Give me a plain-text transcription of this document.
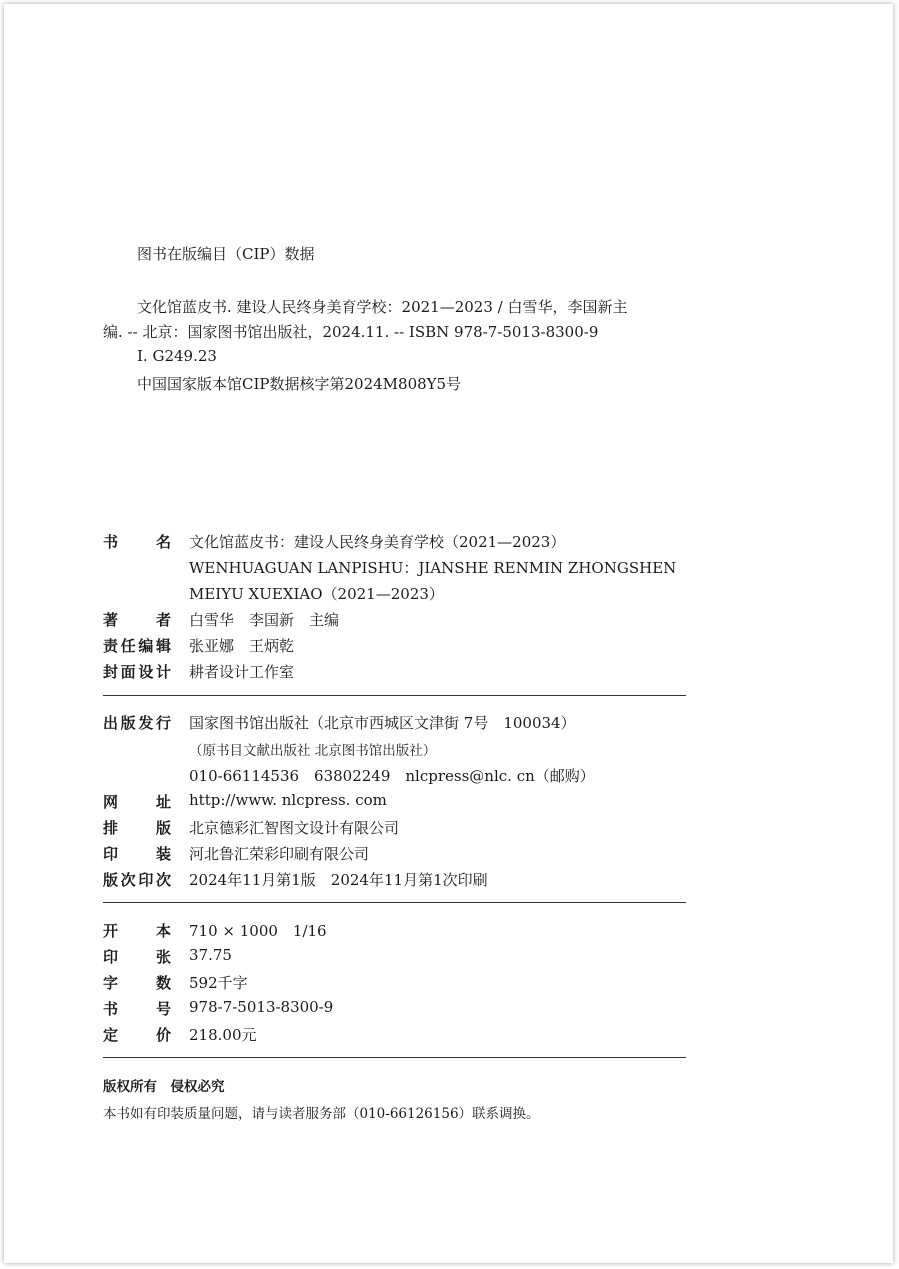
图书在版编目（CIP）数据
文化馆蓝皮书. 建设人民终身美育学校：2021—2023 / 白雪华，李国新主
编. -- 北京：国家图书馆出版社，2024.11. -- ISBN 978-7-5013-8300-9
Ⅰ. G249.23
中国国家版本馆CIP数据核字第2024M808Y5号
书　　名 文化馆蓝皮书：建设人民终身美育学校（2021—2023）
WENHUAGUAN LANPISHU：JIANSHE RENMIN ZHONGSHEN
MEIYU XUEXIAO（2021—2023）
著　　者 白雪华　李国新　主编
责任编辑 张亚娜　王炳乾
封面设计 耕者设计工作室
出版发行 国家图书馆出版社（北京市西城区文津街 7号　100034）
（原书目文献出版社 北京图书馆出版社）
010-66114536　63802249　nlcpress@nlc. cn（邮购）
网　　址 http://www. nlcpress. com
排　　版 北京德彩汇智图文设计有限公司
印　　装 河北鲁汇荣彩印刷有限公司
版次印次 2024年11月第1版　2024年11月第1次印刷
开　　本 710 × 1000　1/16
印　　张 37.75
字　　数 592千字
书　　号 978-7-5013-8300-9
定　　价 218.00元
版权所有　侵权必究
本书如有印装质量问题，请与读者服务部（010-66126156）联系调换。
